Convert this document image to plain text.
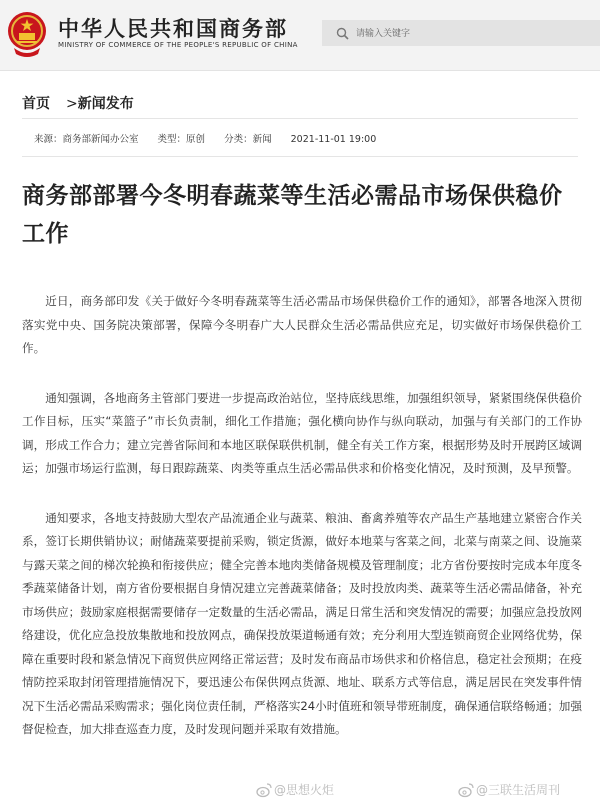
中华人民共和国商务部
MINISTRY OF COMMERCE OF THE PEOPLE'S REPUBLIC OF CHINA
请输入关键字
首页 >新闻发布
来源：商务部新闻办公室 类型：原创 分类：新闻 2021-11-01 19:00
商务部部署今冬明春蔬菜等生活必需品市场保供稳价工作

近日，商务部印发《关于做好今冬明春蔬菜等生活必需品市场保供稳价工作的通知》，部署各地深入贯彻落实党中央、国务院决策部署，保障今冬明春广大人民群众生活必需品供应充足，切实做好市场保供稳价工作。

通知强调，各地商务主管部门要进一步提高政治站位，坚持底线思维，加强组织领导，紧紧围绕保供稳价工作目标，压实“菜篮子”市长负责制，细化工作措施；强化横向协作与纵向联动，加强与有关部门的工作协调，形成工作合力；建立完善省际间和本地区联保联供机制，健全有关工作方案，根据形势及时开展跨区域调运；加强市场运行监测，每日跟踪蔬菜、肉类等重点生活必需品供求和价格变化情况，及时预测，及早预警。

通知要求，各地支持鼓励大型农产品流通企业与蔬菜、粮油、畜禽养殖等农产品生产基地建立紧密合作关系，签订长期供销协议；耐储蔬菜要提前采购，锁定货源，做好本地菜与客菜之间，北菜与南菜之间、设施菜与露天菜之间的梯次轮换和衔接供应；健全完善本地肉类储备规模及管理制度；北方省份要按时完成本年度冬季蔬菜储备计划，南方省份要根据自身情况建立完善蔬菜储备；及时投放肉类、蔬菜等生活必需品储备，补充市场供应；鼓励家庭根据需要储存一定数量的生活必需品，满足日常生活和突发情况的需要；加强应急投放网络建设，优化应急投放集散地和投放网点，确保投放渠道畅通有效；充分利用大型连锁商贸企业网络优势，保障在重要时段和紧急情况下商贸供应网络正常运营；及时发布商品市场供求和价格信息，稳定社会预期；在疫情防控采取封闭管理措施情况下，要迅速公布保供网点货源、地址、联系方式等信息，满足居民在突发事件情况下生活必需品采购需求；强化岗位责任制，严格落实24小时值班和领导带班制度，确保通信联络畅通；加强督促检查，加大排查巡查力度，及时发现问题并采取有效措施。

@思想火炬	@三联生活周刊
